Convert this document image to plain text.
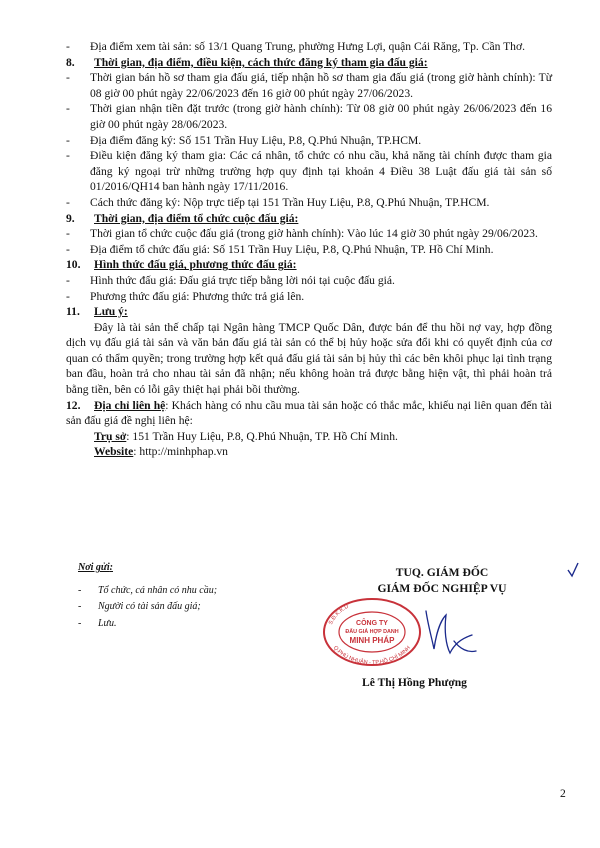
- Địa điểm xem tài sản: số 13/1 Quang Trung, phường Hưng Lợi, quận Cái Răng, Tp. Cần Thơ.

8. Thời gian, địa điểm, điều kiện, cách thức đăng ký tham gia đấu giá:

- Thời gian bán hồ sơ tham gia đấu giá, tiếp nhận hồ sơ tham gia đấu giá (trong giờ hành chính): Từ 08 giờ 00 phút ngày 22/06/2023 đến 16 giờ 00 phút ngày 27/06/2023.

- Thời gian nhận tiền đặt trước (trong giờ hành chính): Từ 08 giờ 00 phút ngày 26/06/2023 đến 16 giờ 00 phút ngày 28/06/2023.

- Địa điểm đăng ký: Số 151 Trần Huy Liệu, P.8, Q.Phú Nhuận, TP.HCM.

- Điều kiện đăng ký tham gia: Các cá nhân, tổ chức có nhu cầu, khả năng tài chính được tham gia đăng ký ngoại trừ những trường hợp quy định tại khoản 4 Điều 38 Luật đấu giá tài sản số 01/2016/QH14 ban hành ngày 17/11/2016.

- Cách thức đăng ký: Nộp trực tiếp tại 151 Trần Huy Liệu, P.8, Q.Phú Nhuận, TP.HCM.

9. Thời gian, địa điểm tổ chức cuộc đấu giá:

- Thời gian tổ chức cuộc đấu giá (trong giờ hành chính): Vào lúc 14 giờ 30 phút ngày 29/06/2023.

- Địa điểm tổ chức đấu giá: Số 151 Trần Huy Liệu, P.8, Q.Phú Nhuận, TP. Hồ Chí Minh.

10. Hình thức đấu giá, phương thức đấu giá:

- Hình thức đấu giá: Đấu giá trực tiếp bằng lời nói tại cuộc đấu giá.

- Phương thức đấu giá: Phương thức trả giá lên.

11. Lưu ý:

Đây là tài sản thế chấp tại Ngân hàng TMCP Quốc Dân, được bán để thu hồi nợ vay, hợp đồng dịch vụ đấu giá tài sản và văn bản đấu giá tài sản có thể bị hủy hoặc sửa đổi khi có quyết định của cơ quan có thẩm quyền; trong trường hợp kết quả đấu giá tài sản bị hủy thì các bên khôi phục lại tình trạng ban đầu, hoàn trả cho nhau tài sản đã nhận; nếu không hoàn trả được bằng hiện vật, thì phải hoàn trả bằng tiền, bên có lỗi gây thiệt hại phải bồi thường.

12. Địa chỉ liên hệ: Khách hàng có nhu cầu mua tài sản hoặc có thắc mắc, khiếu nại liên quan đến tài sản đấu giá đề nghị liên hệ:

Trụ sở: 151 Trần Huy Liệu, P.8, Q.Phú Nhuận, TP. Hồ Chí Minh.

Website: http://minhphap.vn

Nơi gửi:

- Tổ chức, cá nhân có nhu cầu;

- Người có tài sản đấu giá;

- Lưu.

TUQ. GIÁM ĐỐC
GIÁM ĐỐC NGHIỆP VỤ
S.Đ.K.K.D
Q.PHÚ NHUẬN - TP.HỒ CHÍ MINH
CÔNG TY
ĐẤU GIÁ HỢP DANH
MINH PHÁP
Lê Thị Hồng Phượng
2
